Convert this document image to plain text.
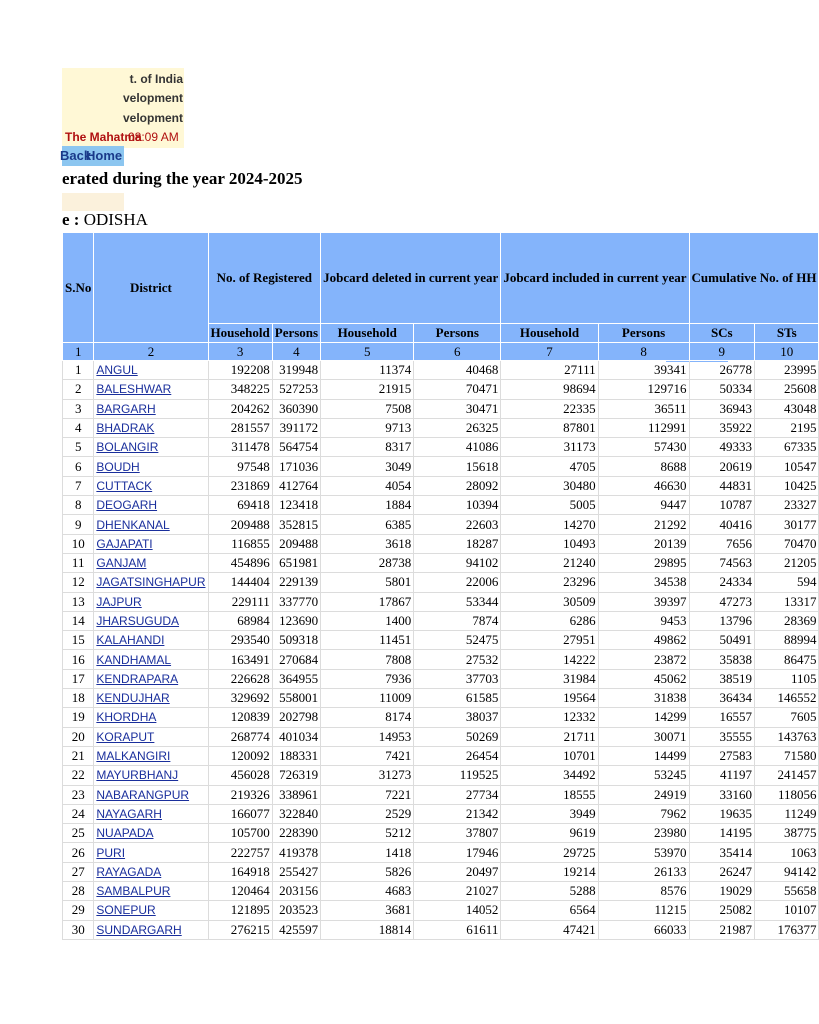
t. of India
velopment
velopment
The Mahatma08:09 AM
Back
Home
erated during the year 2024-2025
e : ODISHA
S.No	District	No. of Registered		Jobcard deleted in current year		Jobcard included in current year		Cumulative No. of HH	
		Household	Persons	Household	Persons	Household	Persons	SCs	STs
1	2	3	4	5	6	7	8	9	10
1	ANGUL	192208	319948	11374	40468	27111	39341	26778	23995
2	BALESHWAR	348225	527253	21915	70471	98694	129716	50334	25608
3	BARGARH	204262	360390	7508	30471	22335	36511	36943	43048
4	BHADRAK	281557	391172	9713	26325	87801	112991	35922	2195
5	BOLANGIR	311478	564754	8317	41086	31173	57430	49333	67335
6	BOUDH	97548	171036	3049	15618	4705	8688	20619	10547
7	CUTTACK	231869	412764	4054	28092	30480	46630	44831	10425
8	DEOGARH	69418	123418	1884	10394	5005	9447	10787	23327
9	DHENKANAL	209488	352815	6385	22603	14270	21292	40416	30177
10	GAJAPATI	116855	209488	3618	18287	10493	20139	7656	70470
11	GANJAM	454896	651981	28738	94102	21240	29895	74563	21205
12	JAGATSINGHAPUR	144404	229139	5801	22006	23296	34538	24334	594
13	JAJPUR	229111	337770	17867	53344	30509	39397	47273	13317
14	JHARSUGUDA	68984	123690	1400	7874	6286	9453	13796	28369
15	KALAHANDI	293540	509318	11451	52475	27951	49862	50491	88994
16	KANDHAMAL	163491	270684	7808	27532	14222	23872	35838	86475
17	KENDRAPARA	226628	364955	7936	37703	31984	45062	38519	1105
18	KENDUJHAR	329692	558001	11009	61585	19564	31838	36434	146552
19	KHORDHA	120839	202798	8174	38037	12332	14299	16557	7605
20	KORAPUT	268774	401034	14953	50269	21711	30071	35555	143763
21	MALKANGIRI	120092	188331	7421	26454	10701	14499	27583	71580
22	MAYURBHANJ	456028	726319	31273	119525	34492	53245	41197	241457
23	NABARANGPUR	219326	338961	7221	27734	18555	24919	33160	118056
24	NAYAGARH	166077	322840	2529	21342	3949	7962	19635	11249
25	NUAPADA	105700	228390	5212	37807	9619	23980	14195	38775
26	PURI	222757	419378	1418	17946	29725	53970	35414	1063
27	RAYAGADA	164918	255427	5826	20497	19214	26133	26247	94142
28	SAMBALPUR	120464	203156	4683	21027	5288	8576	19029	55658
29	SONEPUR	121895	203523	3681	14052	6564	11215	25082	10107
30	SUNDARGARH	276215	425597	18814	61611	47421	66033	21987	176377
